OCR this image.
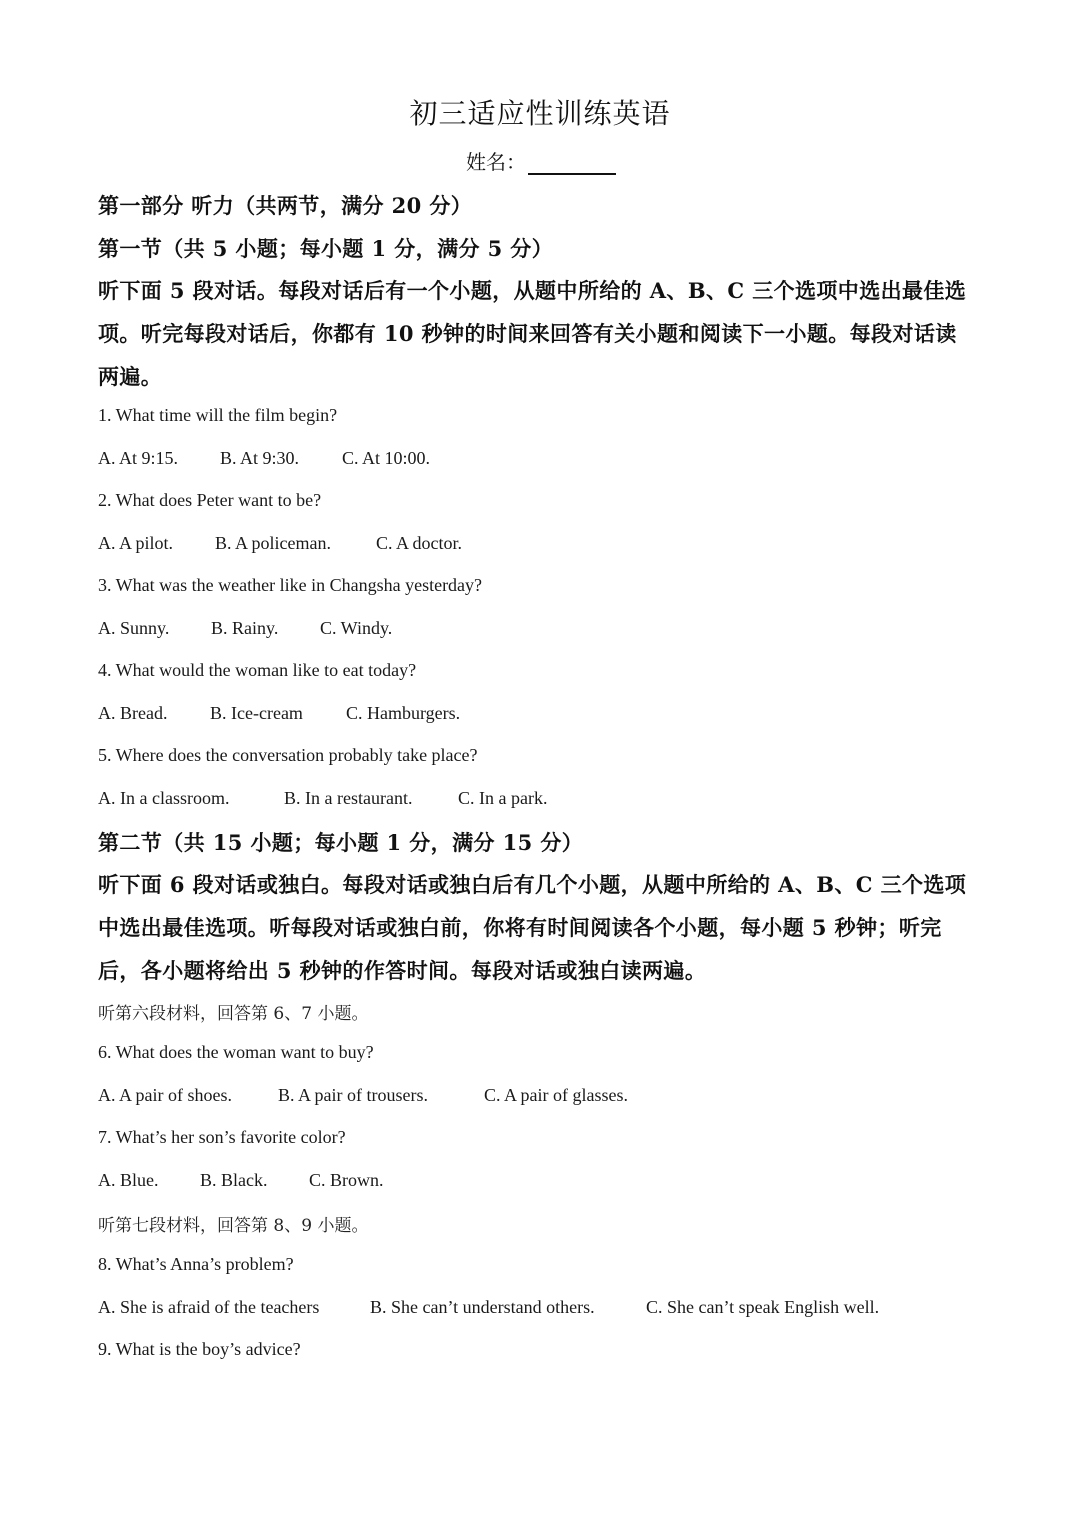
初三适应性训练英语
姓名：
第一部分 听力（共两节，满分 20 分）
第一节（共 5 小题；每小题 1 分，满分 5 分）
听下面 5 段对话。每段对话后有一个小题，从题中所给的 A、B、C 三个选项中选出最佳选
项。听完每段对话后，你都有 10 秒钟的时间来回答有关小题和阅读下一小题。每段对话读
两遍。
1. What time will the film begin?
A. At 9:15. B. At 9:30. C. At 10:00.
2. What does Peter want to be?
A. A pilot. B. A policeman.	C. A doctor.
3. What was the weather like in Changsha yesterday?
A. Sunny. B. Rainy. C. Windy.
4. What would the woman like to eat today?
A. Bread. B. Ice-cream C. Hamburgers.
5. Where does the conversation probably take place?
A. In a classroom.	B. In a restaurant.	C. In a park.
第二节（共 15 小题；每小题 1 分，满分 15 分）
听下面 6 段对话或独白。每段对话或独白后有几个小题，从题中所给的 A、B、C 三个选项
中选出最佳选项。听每段对话或独白前，你将有时间阅读各个小题，每小题 5 秒钟；听完
后，各小题将给出 5 秒钟的作答时间。每段对话或独白读两遍。
听第六段材料，回答第 6、7 小题。
6. What does the woman want to buy?
A. A pair of shoes.	B. A pair of trousers.	C. A pair of glasses.
7. What’s her son’s favorite color?
A. Blue. B. Black. C. Brown.
听第七段材料，回答第 8、9 小题。
8. What’s Anna’s problem?
A. She is afraid of the teachers	B. She can’t understand others.	C. She can’t speak English well.
9. What is the boy’s advice?
